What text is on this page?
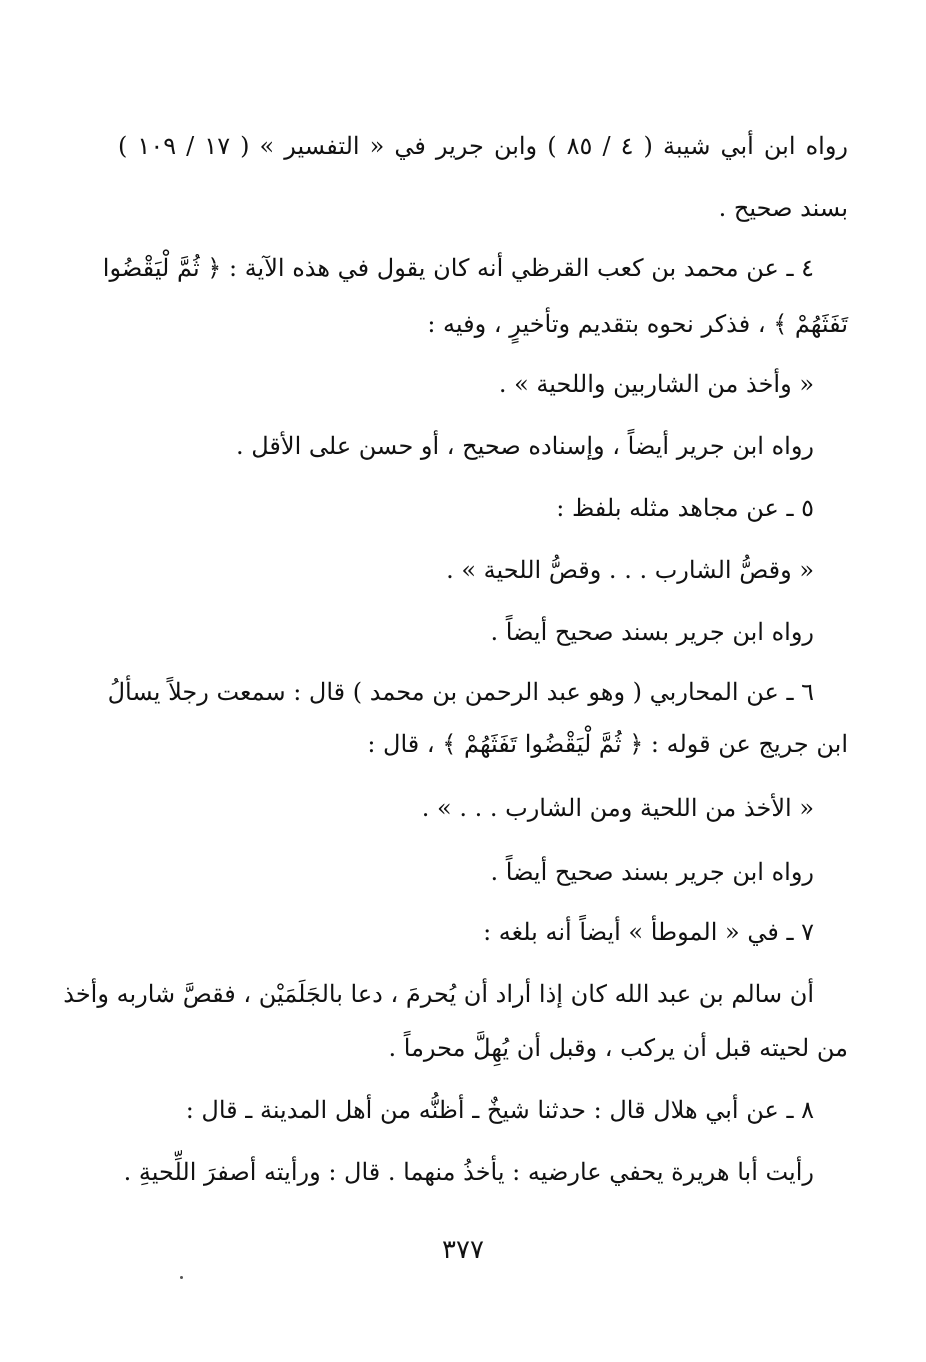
رواه ابن أبي شيبة ( ٤ / ٨٥ ) وابن جرير في « التفسير » ( ١٧ / ١٠٩ )
بسند صحيح .
٤ ـ عن محمد بن كعب القرظي أنه كان يقول في هذه الآية : ﴿ ثُمَّ لْيَقْضُوا
تَفَثَهُمْ ﴾ ، فذكر نحوه بتقديم وتأخيرٍ ، وفيه :
« وأخذ من الشاربين واللحية » .
رواه ابن جرير أيضاً ، وإسناده صحيح ، أو حسن على الأقل .
٥ ـ عن مجاهد مثله بلفظ :
« وقصُّ الشارب . . . وقصُّ اللحية » .
رواه ابن جرير بسند صحيح أيضاً .
٦ ـ عن المحاربي ( وهو عبد الرحمن بن محمد ) قال : سمعت رجلاً يسألُ
ابن جريج عن قوله : ﴿ ثُمَّ لْيَقْضُوا تَفَثَهُمْ ﴾ ، قال :
« الأخذ من اللحية ومن الشارب . . . » .
رواه ابن جرير بسند صحيح أيضاً .
٧ ـ في « الموطأ » أيضاً أنه بلغه :
أن سالم بن عبد الله كان إذا أراد أن يُحرمَ ، دعا بالجَلَمَيْن ، فقصَّ شاربه وأخذ
من لحيته قبل أن يركب ، وقبل أن يُهِلَّ محرماً .
٨ ـ عن أبي هلال قال : حدثنا شيخٌ ـ أظنُّه من أهل المدينة ـ قال :
رأيت أبا هريرة يحفي عارضيه : يأخذُ منهما . قال : ورأيته أصفرَ اللِّحيةِ .
٣٧٧
